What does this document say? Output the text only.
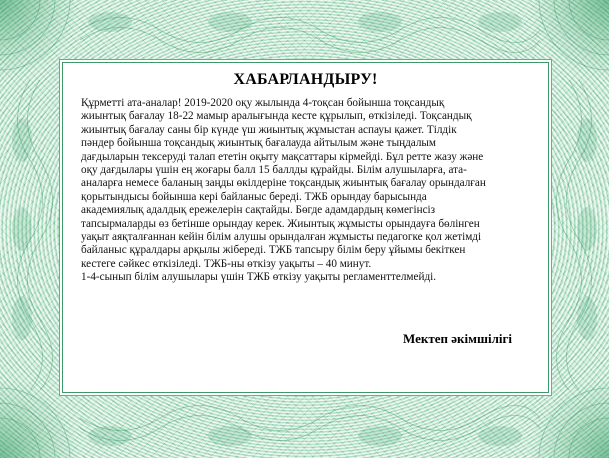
ХАБАРЛАНДЫРУ!
Құрметті ата-аналар! 2019-2020 оқу жылында 4-тоқсан бойынша тоқсандық
жиынтық бағалау 18-22 мамыр аралығында кесте құрылып, өткізіледі. Тоқсандық
жиынтық бағалау саны бір күнде үш жиынтық жұмыстан аспауы қажет. Тілдік
пәндер бойынша тоқсандық жиынтық бағалауда айтылым және тыңдалым
дағдыларын тексеруді талап ететін оқыту мақсаттары кірмейді. Бұл ретте жазу және
оқу дағдылары үшін ең жоғары балл 15 баллды құрайды. Білім алушыларға, ата-
аналарға немесе баланың заңды өкілдеріне тоқсандық жиынтық бағалау орындалған
қорытындысы бойынша кері байланыс береді. ТЖБ орындау барысында
академиялық адалдық ережелерін сақтайды. Бөгде адамдардың көмегінсіз
тапсырмаларды өз бетінше орындау керек. Жиынтық жұмысты орындауға бөлінген
уақыт аяқталғаннан кейін білім алушы орындалған жұмысты педагогке қол жетімді
байланыс құралдары арқылы жібереді. ТЖБ тапсыру білім беру ұйымы бекіткен
кестеге сәйкес өткізіледі. ТЖБ-ны өткізу уақыты – 40 минут.
1-4-сынып білім алушылары үшін ТЖБ өткізу уақыты регламенттелмейді.
Мектеп әкімшілігі
